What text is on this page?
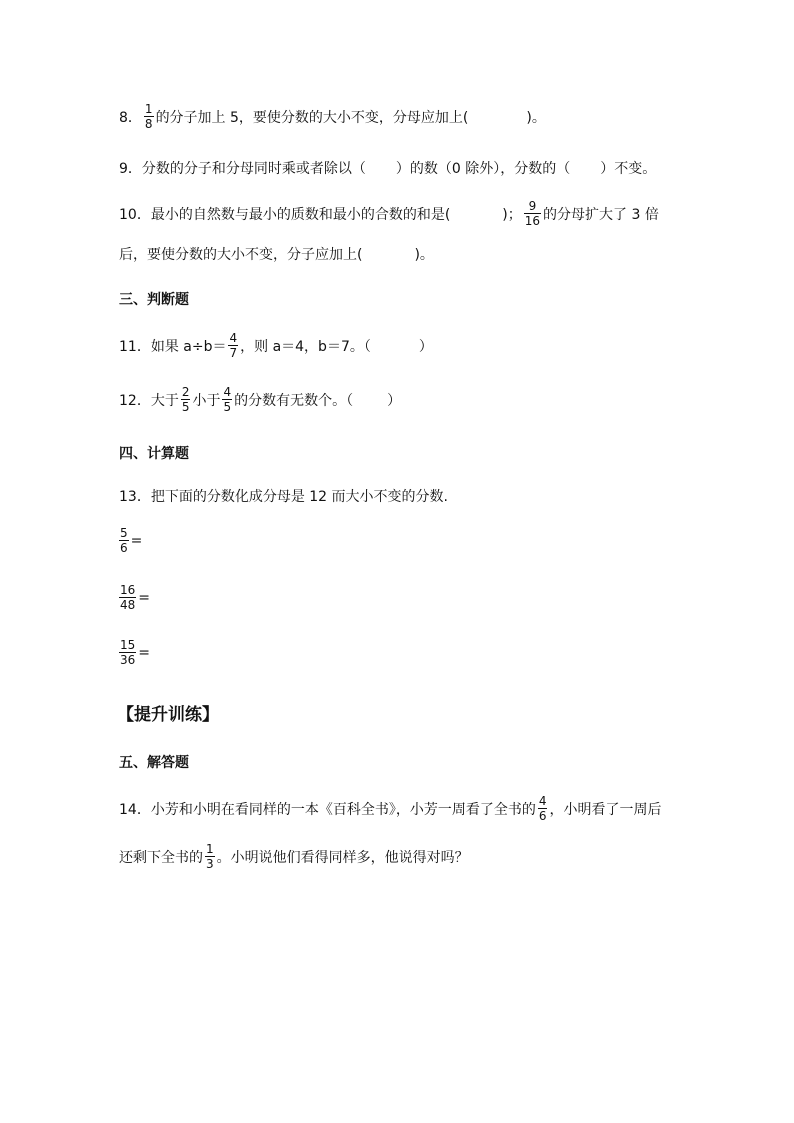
8． $\frac{1}{8}$ 的分子加上 5，要使分数的大小不变，分母应加上(	)。
9． 分数的分子和分母同时乘或者除以（ ）的数（0 除外），分数的（ ）不变。
10． 最小的自然数与最小的质数和最小的合数的和是(	)； $\frac{9}{16}$ 的分母扩大了 3 倍
后，要使分数的大小不变，分子应加上(	)。
三、判断题
11． 如果 $a\div b= \frac{4}{7}$ ，则 a＝4，b＝7。（	）
12． 大于 $\frac{2}{5}$ 小于 $\frac{4}{5}$ 的分数有无数个。（ ）
四、计算题
13． 把下面的分数化成分母是 12 而大小不变的分数.
$\frac{5}{6}$ =
$\frac{16}{48}$ =
$\frac{15}{36}$ =
【提升训练】
五、解答题
14． 小芳和小明在看同样的一本《百科全书》，小芳一周看了全书的 $\frac{4}{6}$ ，小明看了一周后
还剩下全书的 $\frac{1}{3}$ 。小明说他们看得同样多，他说得对吗？
